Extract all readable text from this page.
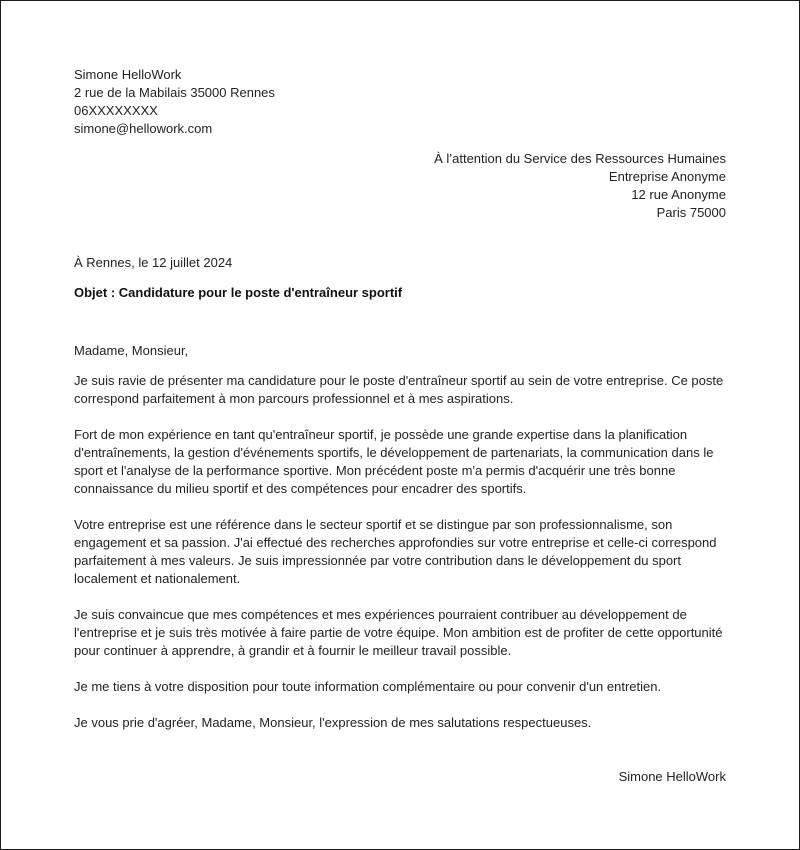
Simone HelloWork

2 rue de la Mabilais 35000 Rennes

06XXXXXXXX

simone@hellowork.com

À l’attention du Service des Ressources Humaines

Entreprise Anonyme

12 rue Anonyme

Paris 75000

À Rennes, le 12 juillet 2024

Objet : Candidature pour le poste d'entraîneur sportif

Madame, Monsieur,

Je suis ravie de présenter ma candidature pour le poste d'entraîneur sportif au sein de votre entreprise. Ce poste
correspond parfaitement à mon parcours professionnel et à mes aspirations.
Fort de mon expérience en tant qu'entraîneur sportif, je possède une grande expertise dans la planification
d'entraînements, la gestion d'événements sportifs, le développement de partenariats, la communication dans le
sport et l'analyse de la performance sportive. Mon précédent poste m'a permis d'acquérir une très bonne
connaissance du milieu sportif et des compétences pour encadrer des sportifs.
Votre entreprise est une référence dans le secteur sportif et se distingue par son professionnalisme, son
engagement et sa passion. J'ai effectué des recherches approfondies sur votre entreprise et celle-ci correspond
parfaitement à mes valeurs. Je suis impressionnée par votre contribution dans le développement du sport
localement et nationalement.
Je suis convaincue que mes compétences et mes expériences pourraient contribuer au développement de
l'entreprise et je suis très motivée à faire partie de votre équipe. Mon ambition est de profiter de cette opportunité
pour continuer à apprendre, à grandir et à fournir le meilleur travail possible.
Je me tiens à votre disposition pour toute information complémentaire ou pour convenir d'un entretien.
Je vous prie d'agréer, Madame, Monsieur, l'expression de mes salutations respectueuses.

Simone HelloWork
